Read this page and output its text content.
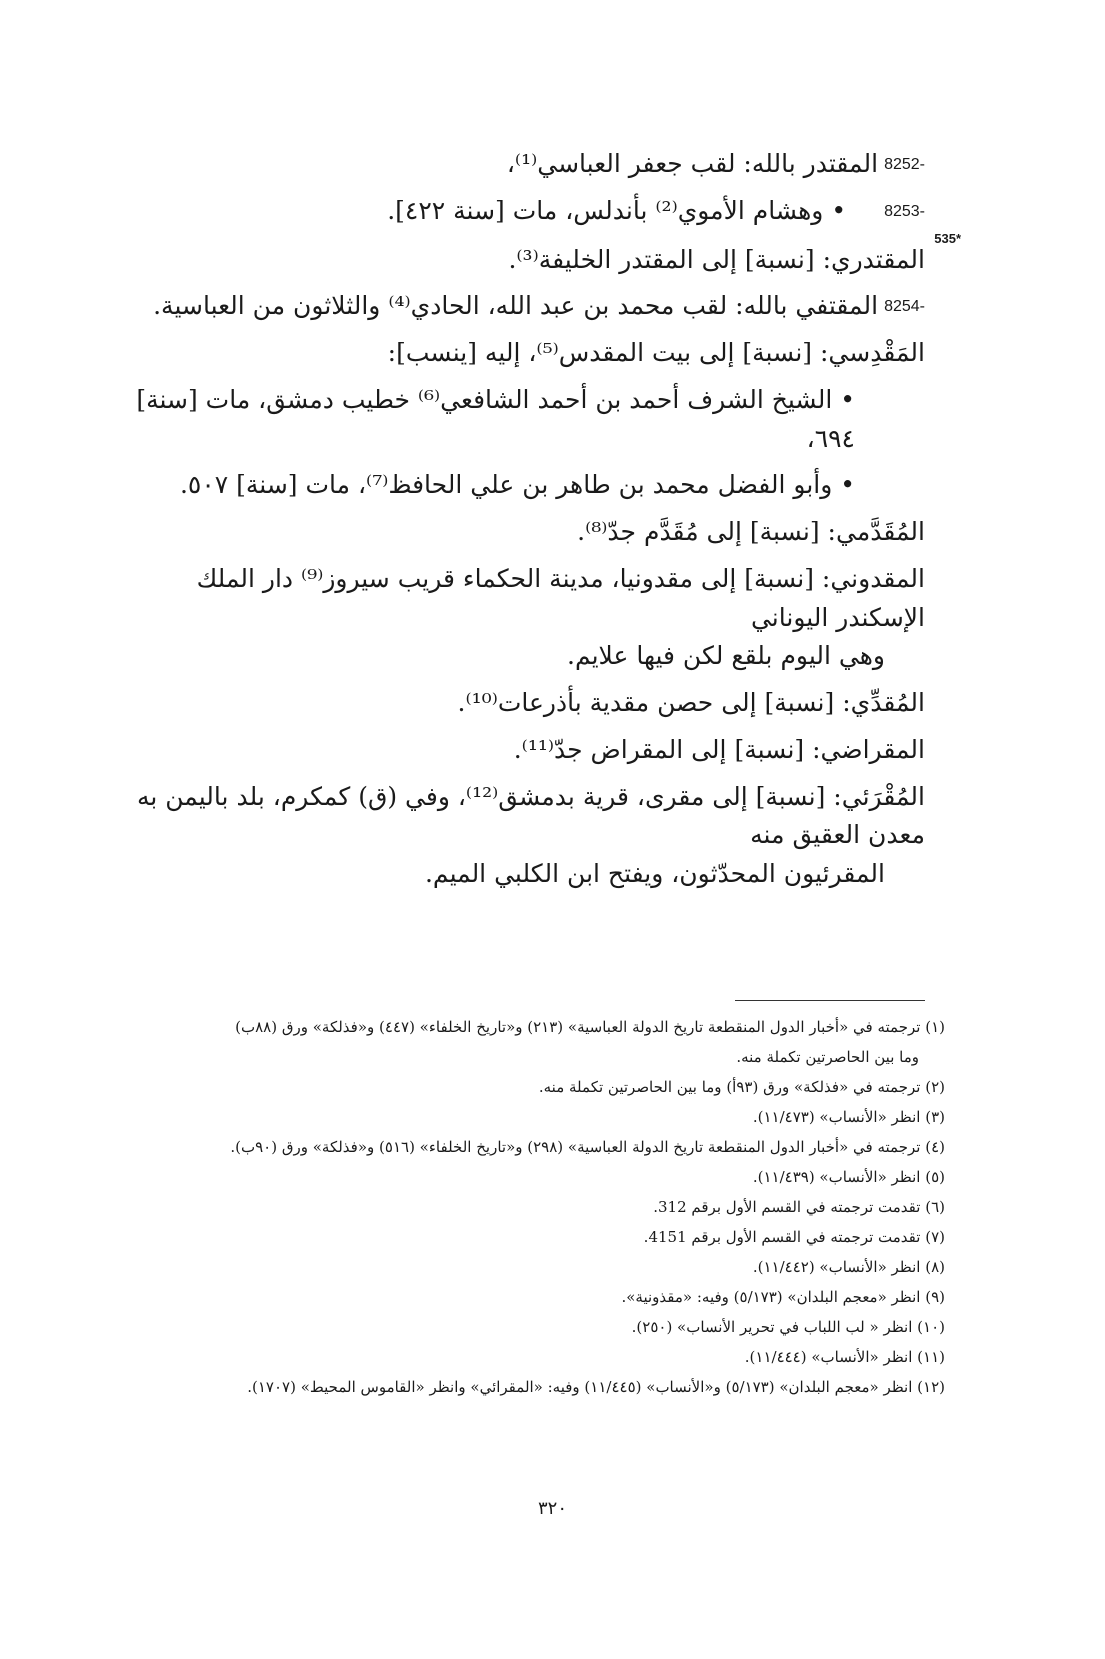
8252-
المقتدر بالله: لقب جعفر العباسي⁽¹⁾،
8253-
• وهشام الأموي⁽²⁾ بأندلس، مات [سنة ٤٢٢].
535*
المقتدري: [نسبة] إلى المقتدر الخليفة⁽³⁾.
8254-
المقتفي بالله: لقب محمد بن عبد الله، الحادي⁽⁴⁾ والثلاثون من العباسية.
المَقْدِسي: [نسبة] إلى بيت المقدس⁽⁵⁾، إليه [ينسب]:
• الشيخ الشرف أحمد بن أحمد الشافعي⁽⁶⁾ خطيب دمشق، مات [سنة] ٦٩٤،
• وأبو الفضل محمد بن طاهر بن علي الحافظ⁽⁷⁾، مات [سنة] ٥٠٧.
المُقَدَّمي: [نسبة] إلى مُقَدَّم جدّ⁽⁸⁾.
المقدوني: [نسبة] إلى مقدونيا، مدينة الحكماء قريب سيروز⁽⁹⁾ دار الملك الإسكندر اليوناني
وهي اليوم بلقع لكن فيها علايم.
المُقدِّي: [نسبة] إلى حصن مقدية بأذرعات⁽¹⁰⁾.
المقراضي: [نسبة] إلى المقراض جدّ⁽¹¹⁾.
المُقْرَئي: [نسبة] إلى مقرى، قرية بدمشق⁽¹²⁾، وفي (ق) كمكرم، بلد باليمن به معدن العقيق منه
المقرئيون المحدّثون، ويفتح ابن الكلبي الميم.
(١) ترجمته في «أخبار الدول المنقطعة تاريخ الدولة العباسية» (٢١٣) و«تاريخ الخلفاء» (٤٤٧) و«فذلكة» ورق (٨٨ب)
وما بين الحاصرتين تكملة منه.
(٢) ترجمته في «فذلكة» ورق (٩٣أ) وما بين الحاصرتين تكملة منه.
(٣) انظر «الأنساب» (١١/٤٧٣).
(٤) ترجمته في «أخبار الدول المنقطعة تاريخ الدولة العباسية» (٢٩٨) و«تاريخ الخلفاء» (٥١٦) و«فذلكة» ورق (٩٠ب).
(٥) انظر «الأنساب» (١١/٤٣٩).
(٦) تقدمت ترجمته في القسم الأول برقم 312.
(٧) تقدمت ترجمته في القسم الأول برقم 4151.
(٨) انظر «الأنساب» (١١/٤٤٢).
(٩) انظر «معجم البلدان» (٥/١٧٣) وفيه: «مقذونية».
(١٠) انظر « لب اللباب في تحرير الأنساب» (٢٥٠).
(١١) انظر «الأنساب» (١١/٤٤٤).
(١٢) انظر «معجم البلدان» (٥/١٧٣) و«الأنساب» (١١/٤٤٥) وفيه: «المقرائي» وانظر «القاموس المحيط» (١٧٠٧).
٣٢٠
